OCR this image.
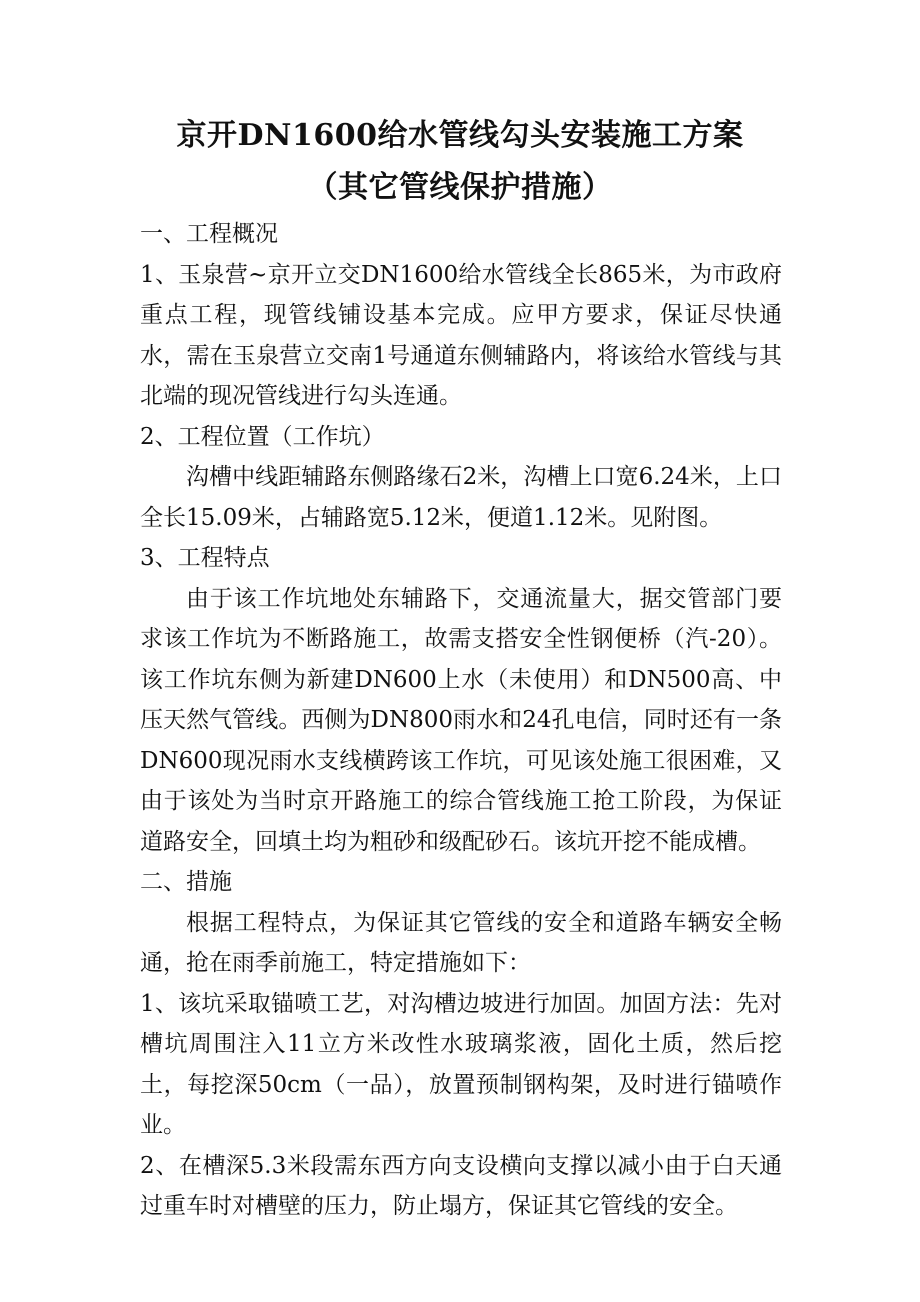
京开DN1600给水管线勾头安装施工方案
（其它管线保护措施）

一、工程概况

1、玉泉营~京开立交DN1600给水管线全长865米，为市政府重点工程，现管线铺设基本完成。应甲方要求，保证尽快通水，需在玉泉营立交南1号通道东侧辅路内，将该给水管线与其北端的现况管线进行勾头连通。

2、工程位置（工作坑）

沟槽中线距辅路东侧路缘石2米，沟槽上口宽6.24米，上口全长15.09米，占辅路宽5.12米，便道1.12米。见附图。

3、工程特点

由于该工作坑地处东辅路下，交通流量大，据交管部门要求该工作坑为不断路施工，故需支搭安全性钢便桥（汽-20）。该工作坑东侧为新建DN600上水（未使用）和DN500高、中压天然气管线。西侧为DN800雨水和24孔电信，同时还有一条DN600现况雨水支线横跨该工作坑，可见该处施工很困难，又由于该处为当时京开路施工的综合管线施工抢工阶段，为保证道路安全，回填土均为粗砂和级配砂石。该坑开挖不能成槽。

二、措施

根据工程特点，为保证其它管线的安全和道路车辆安全畅通，抢在雨季前施工，特定措施如下：

1、该坑采取锚喷工艺，对沟槽边坡进行加固。加固方法：先对槽坑周围注入11立方米改性水玻璃浆液，固化土质，然后挖土，每挖深50cm（一品），放置预制钢构架，及时进行锚喷作业。

2、在槽深5.3米段需东西方向支设横向支撑以减小由于白天通过重车时对槽壁的压力，防止塌方，保证其它管线的安全。
